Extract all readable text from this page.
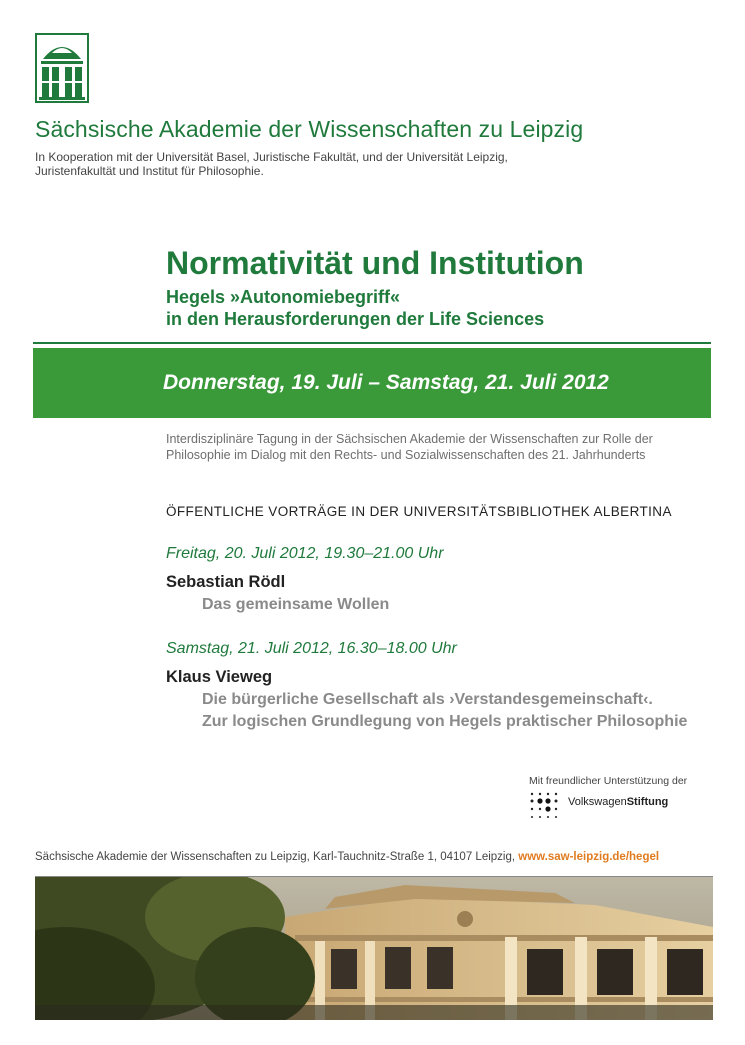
Sächsische Akademie der Wissenschaften zu Leipzig
In Kooperation mit der Universität Basel, Juristische Fakultät, und der Universität Leipzig,
Juristenfakultät und Institut für Philosophie.
Normativität und Institution
Hegels »Autonomiebegriff«
in den Herausforderungen der Life Sciences
Donnerstag, 19. Juli – Samstag, 21. Juli 2012
Interdisziplinäre Tagung in der Sächsischen Akademie der Wissenschaften zur Rolle der
Philosophie im Dialog mit den Rechts- und Sozialwissenschaften des 21. Jahrhunderts
ÖFFENTLICHE VORTRÄGE IN DER UNIVERSITÄTSBIBLIOTHEK ALBERTINA
Freitag, 20. Juli 2012, 19.30–21.00 Uhr
Sebastian Rödl
Das gemeinsame Wollen
Samstag, 21. Juli 2012, 16.30–18.00 Uhr
Klaus Vieweg
Die bürgerliche Gesellschaft als ›Verstandesgemeinschaft‹.
Zur logischen Grundlegung von Hegels praktischer Philosophie
Mit freundlicher Unterstützung der
VolkswagenStiftung
Sächsische Akademie der Wissenschaften zu Leipzig, Karl-Tauchnitz-Straße 1, 04107 Leipzig, www.saw-leipzig.de/hegel
